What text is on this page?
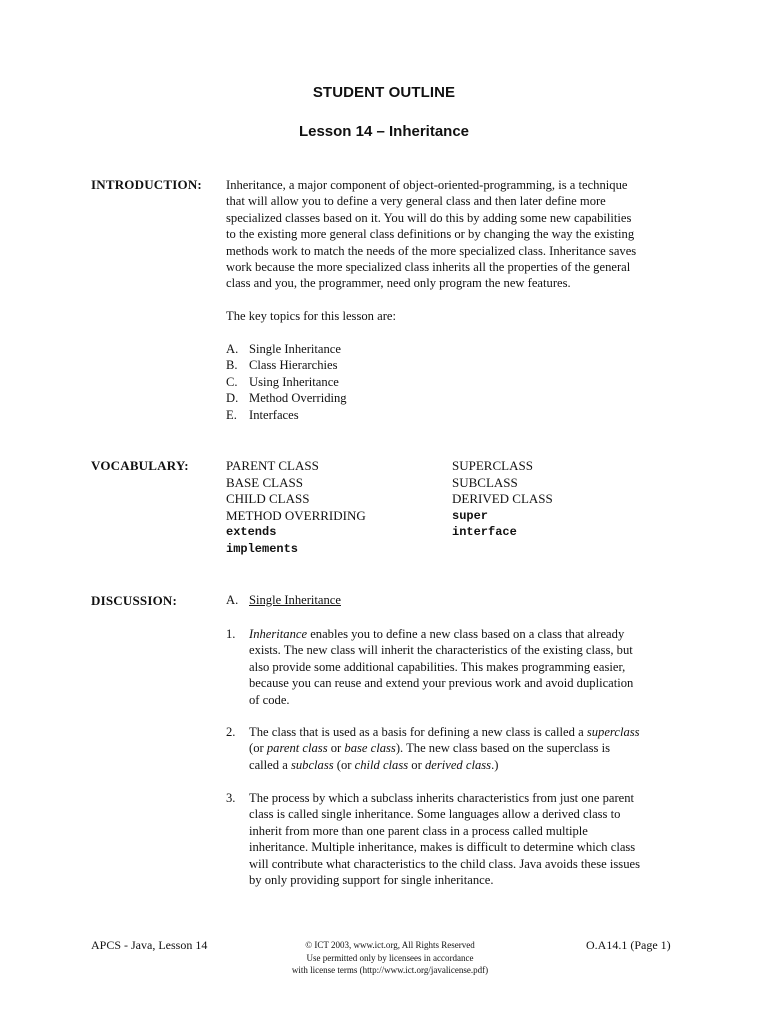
STUDENT OUTLINE
Lesson 14 – Inheritance
INTRODUCTION: Inheritance, a major component of object-oriented-programming, is a technique
that will allow you to define a very general class and then later define more
specialized classes based on it. You will do this by adding some new capabilities
to the existing more general class definitions or by changing the way the existing
methods work to match the needs of the more specialized class. Inheritance saves
work because the more specialized class inherits all the properties of the general
class and you, the programmer, need only program the new features.
The key topics for this lesson are:
A. Single Inheritance
B. Class Hierarchies
C. Using Inheritance
D. Method Overriding
E. Interfaces
VOCABULARY:	PARENT CLASS	SUPERCLASS
BASE CLASS	SUBCLASS
CHILD CLASS	DERIVED CLASS
METHOD OVERRIDING	super
extends	interface
implements
DISCUSSION:	A. Single Inheritance
1. Inheritance enables you to define a new class based on a class that already
exists. The new class will inherit the characteristics of the existing class, but
also provide some additional capabilities. This makes programming easier,
because you can reuse and extend your previous work and avoid duplication
of code.
2. The class that is used as a basis for defining a new class is called a superclass
(or parent class or base class). The new class based on the superclass is
called a subclass (or child class or derived class.)
3. The process by which a subclass inherits characteristics from just one parent
class is called single inheritance. Some languages allow a derived class to
inherit from more than one parent class in a process called multiple
inheritance. Multiple inheritance, makes is difficult to determine which class
will contribute what characteristics to the child class. Java avoids these issues
by only providing support for single inheritance.
APCS - Java, Lesson 14	© ICT 2003, www.ict.org, All Rights Reserved
Use permitted only by licensees in accordance
with license terms (http://www.ict.org/javalicense.pdf)
O.A14.1 (Page 1)
